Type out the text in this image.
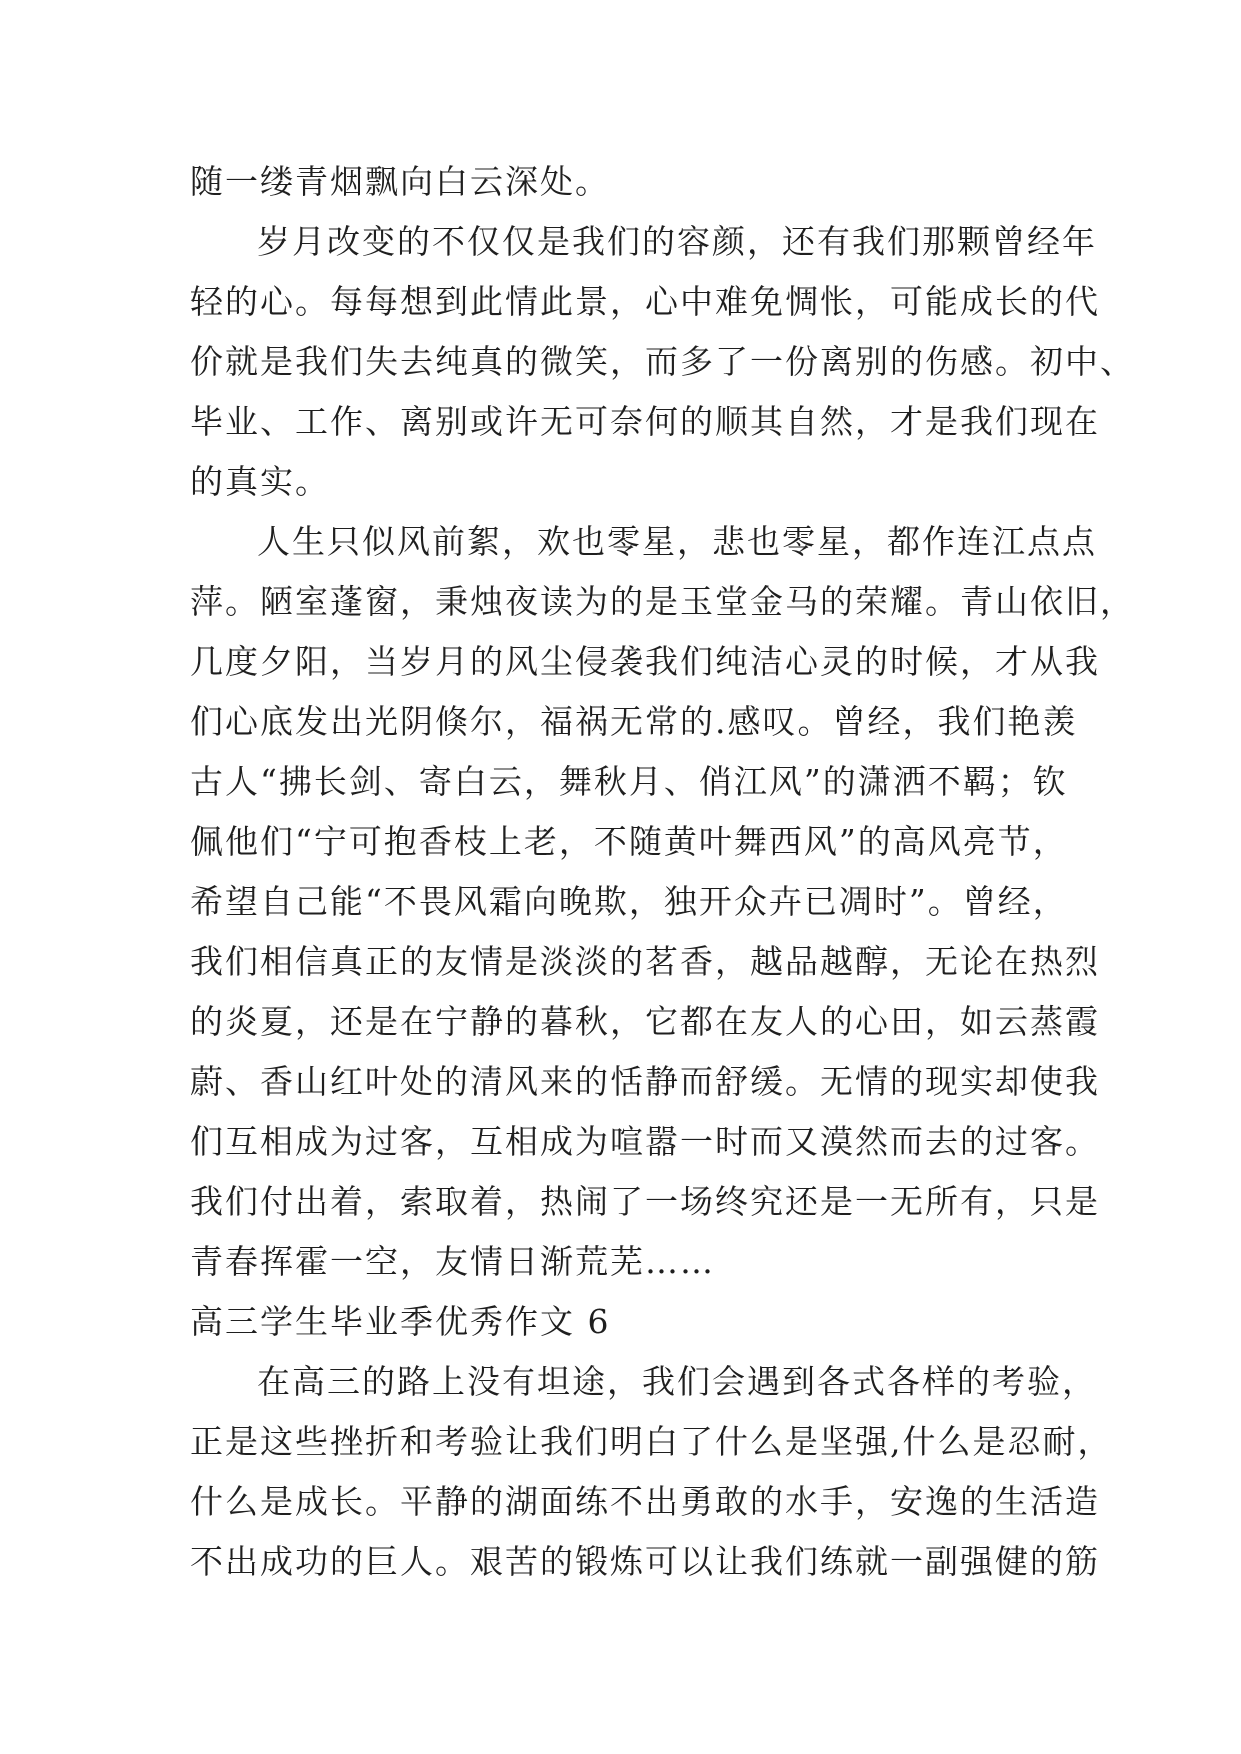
随一缕青烟飘向白云深处。
岁月改变的不仅仅是我们的容颜，还有我们那颗曾经年
轻的心。每每想到此情此景，心中难免惆怅，可能成长的代
价就是我们失去纯真的微笑，而多了一份离别的伤感。初中、
毕业、工作、离别或许无可奈何的顺其自然，才是我们现在
的真实。
人生只似风前絮，欢也零星，悲也零星，都作连江点点
萍。陋室蓬窗，秉烛夜读为的是玉堂金马的荣耀。青山依旧，
几度夕阳，当岁月的风尘侵袭我们纯洁心灵的时候，才从我
们心底发出光阴倏尔，福祸无常的.感叹。曾经，我们艳羡
古人“拂长剑、寄白云，舞秋月、俏江风”的潇洒不羁；钦
佩他们“宁可抱香枝上老，不随黄叶舞西风”的高风亮节，
希望自己能“不畏风霜向晚欺，独开众卉已凋时”。曾经，
我们相信真正的友情是淡淡的茗香，越品越醇，无论在热烈
的炎夏，还是在宁静的暮秋，它都在友人的心田，如云蒸霞
蔚、香山红叶处的清风来的恬静而舒缓。无情的现实却使我
们互相成为过客，互相成为喧嚣一时而又漠然而去的过客。
我们付出着，索取着，热闹了一场终究还是一无所有，只是
青春挥霍一空，友情日渐荒芜……
高三学生毕业季优秀作文 6
在高三的路上没有坦途，我们会遇到各式各样的考验，
正是这些挫折和考验让我们明白了什么是坚强,什么是忍耐，
什么是成长。平静的湖面练不出勇敢的水手，安逸的生活造
不出成功的巨人。艰苦的锻炼可以让我们练就一副强健的筋
